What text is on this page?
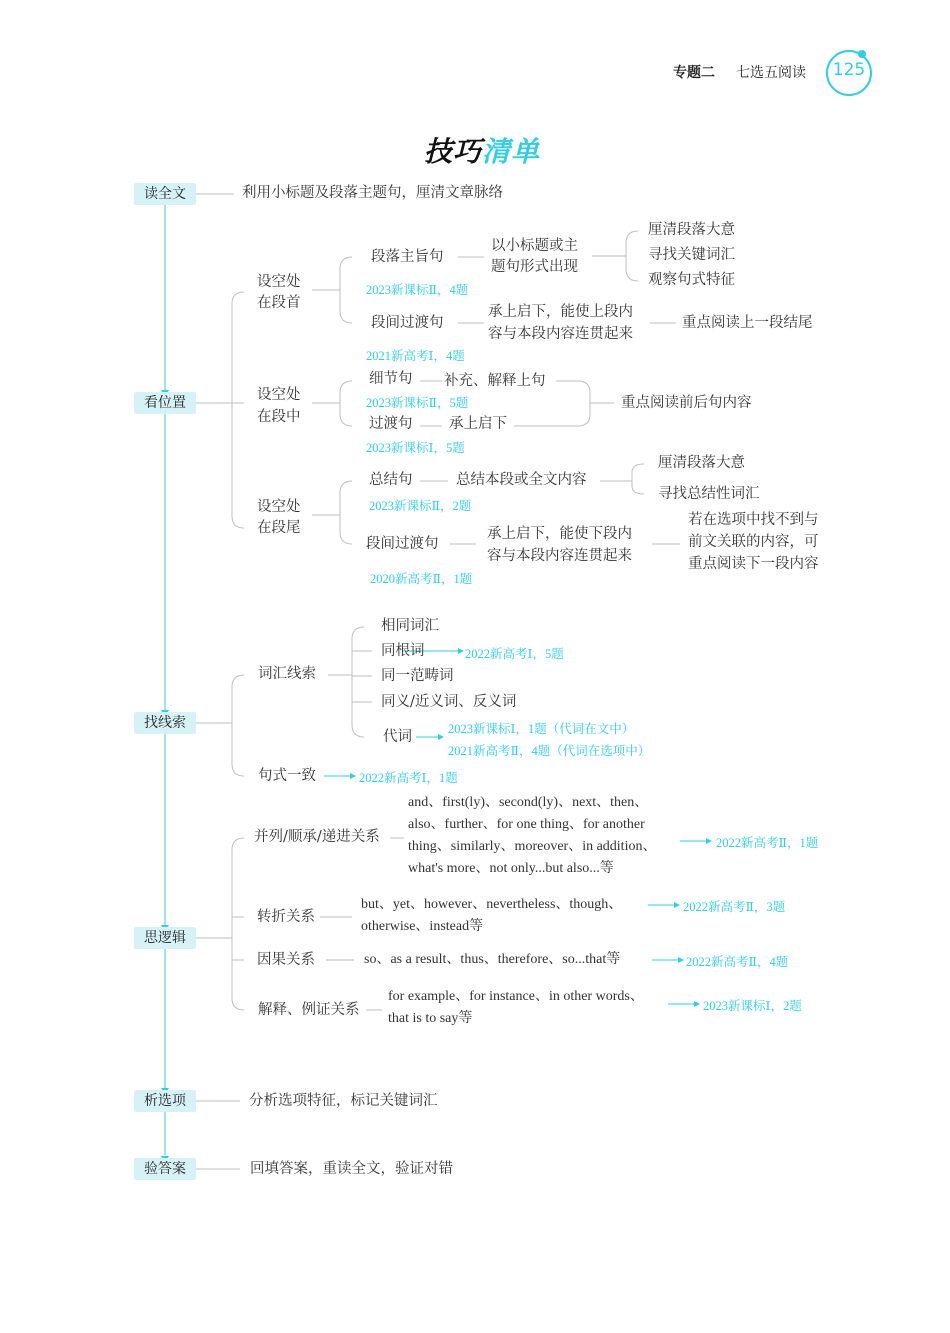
专题二 七选五阅读	125
技巧清单
读全文
看位置
找线索
思逻辑
析选项
验答案
利用小标题及段落主题句，厘清文章脉络
设空处
在段首
段落主旨句
2023新课标Ⅱ，4题
以小标题或主
题句形式出现
厘清段落大意
寻找关键词汇
观察句式特征
段间过渡句
2021新高考Ⅰ，4题
承上启下，能使上段内
容与本段内容连贯起来
重点阅读上一段结尾
设空处
在段中
细节句 补充、解释上句
2023新课标Ⅱ，5题
过渡句	承上启下
2023新课标Ⅰ，5题
重点阅读前后句内容
设空处
在段尾
总结句	总结本段或全文内容
2023新课标Ⅱ，2题
厘清段落大意
寻找总结性词汇
段间过渡句
承上启下，能使下段内
容与本段内容连贯起来
2020新高考Ⅱ，1题
若在选项中找不到与
前文关联的内容，可
重点阅读下一段内容
词汇线索
相同词汇
同根词	2022新高考Ⅰ，5题
同一范畴词
同义/近义词、反义词
代词	2023新课标Ⅰ，1题（代词在文中）
2021新高考Ⅱ，4题（代词在选项中）
句式一致	2022新高考Ⅰ，1题
并列/顺承/递进关系
and、first(ly)、second(ly)、next、then、
also、further、for one thing、for another
thing、similarly、moreover、in addition、
what's more、not only...but also...等
2022新高考Ⅱ，1题
转折关系
but、yet、however、nevertheless、though、
otherwise、instead等
2022新高考Ⅱ，3题
因果关系	so、as a result、thus、therefore、so...that等	2022新高考Ⅱ，4题
解释、例证关系
for example、for instance、in other words、
that is to say等
2023新课标Ⅰ，2题
分析选项特征，标记关键词汇
回填答案，重读全文，验证对错
